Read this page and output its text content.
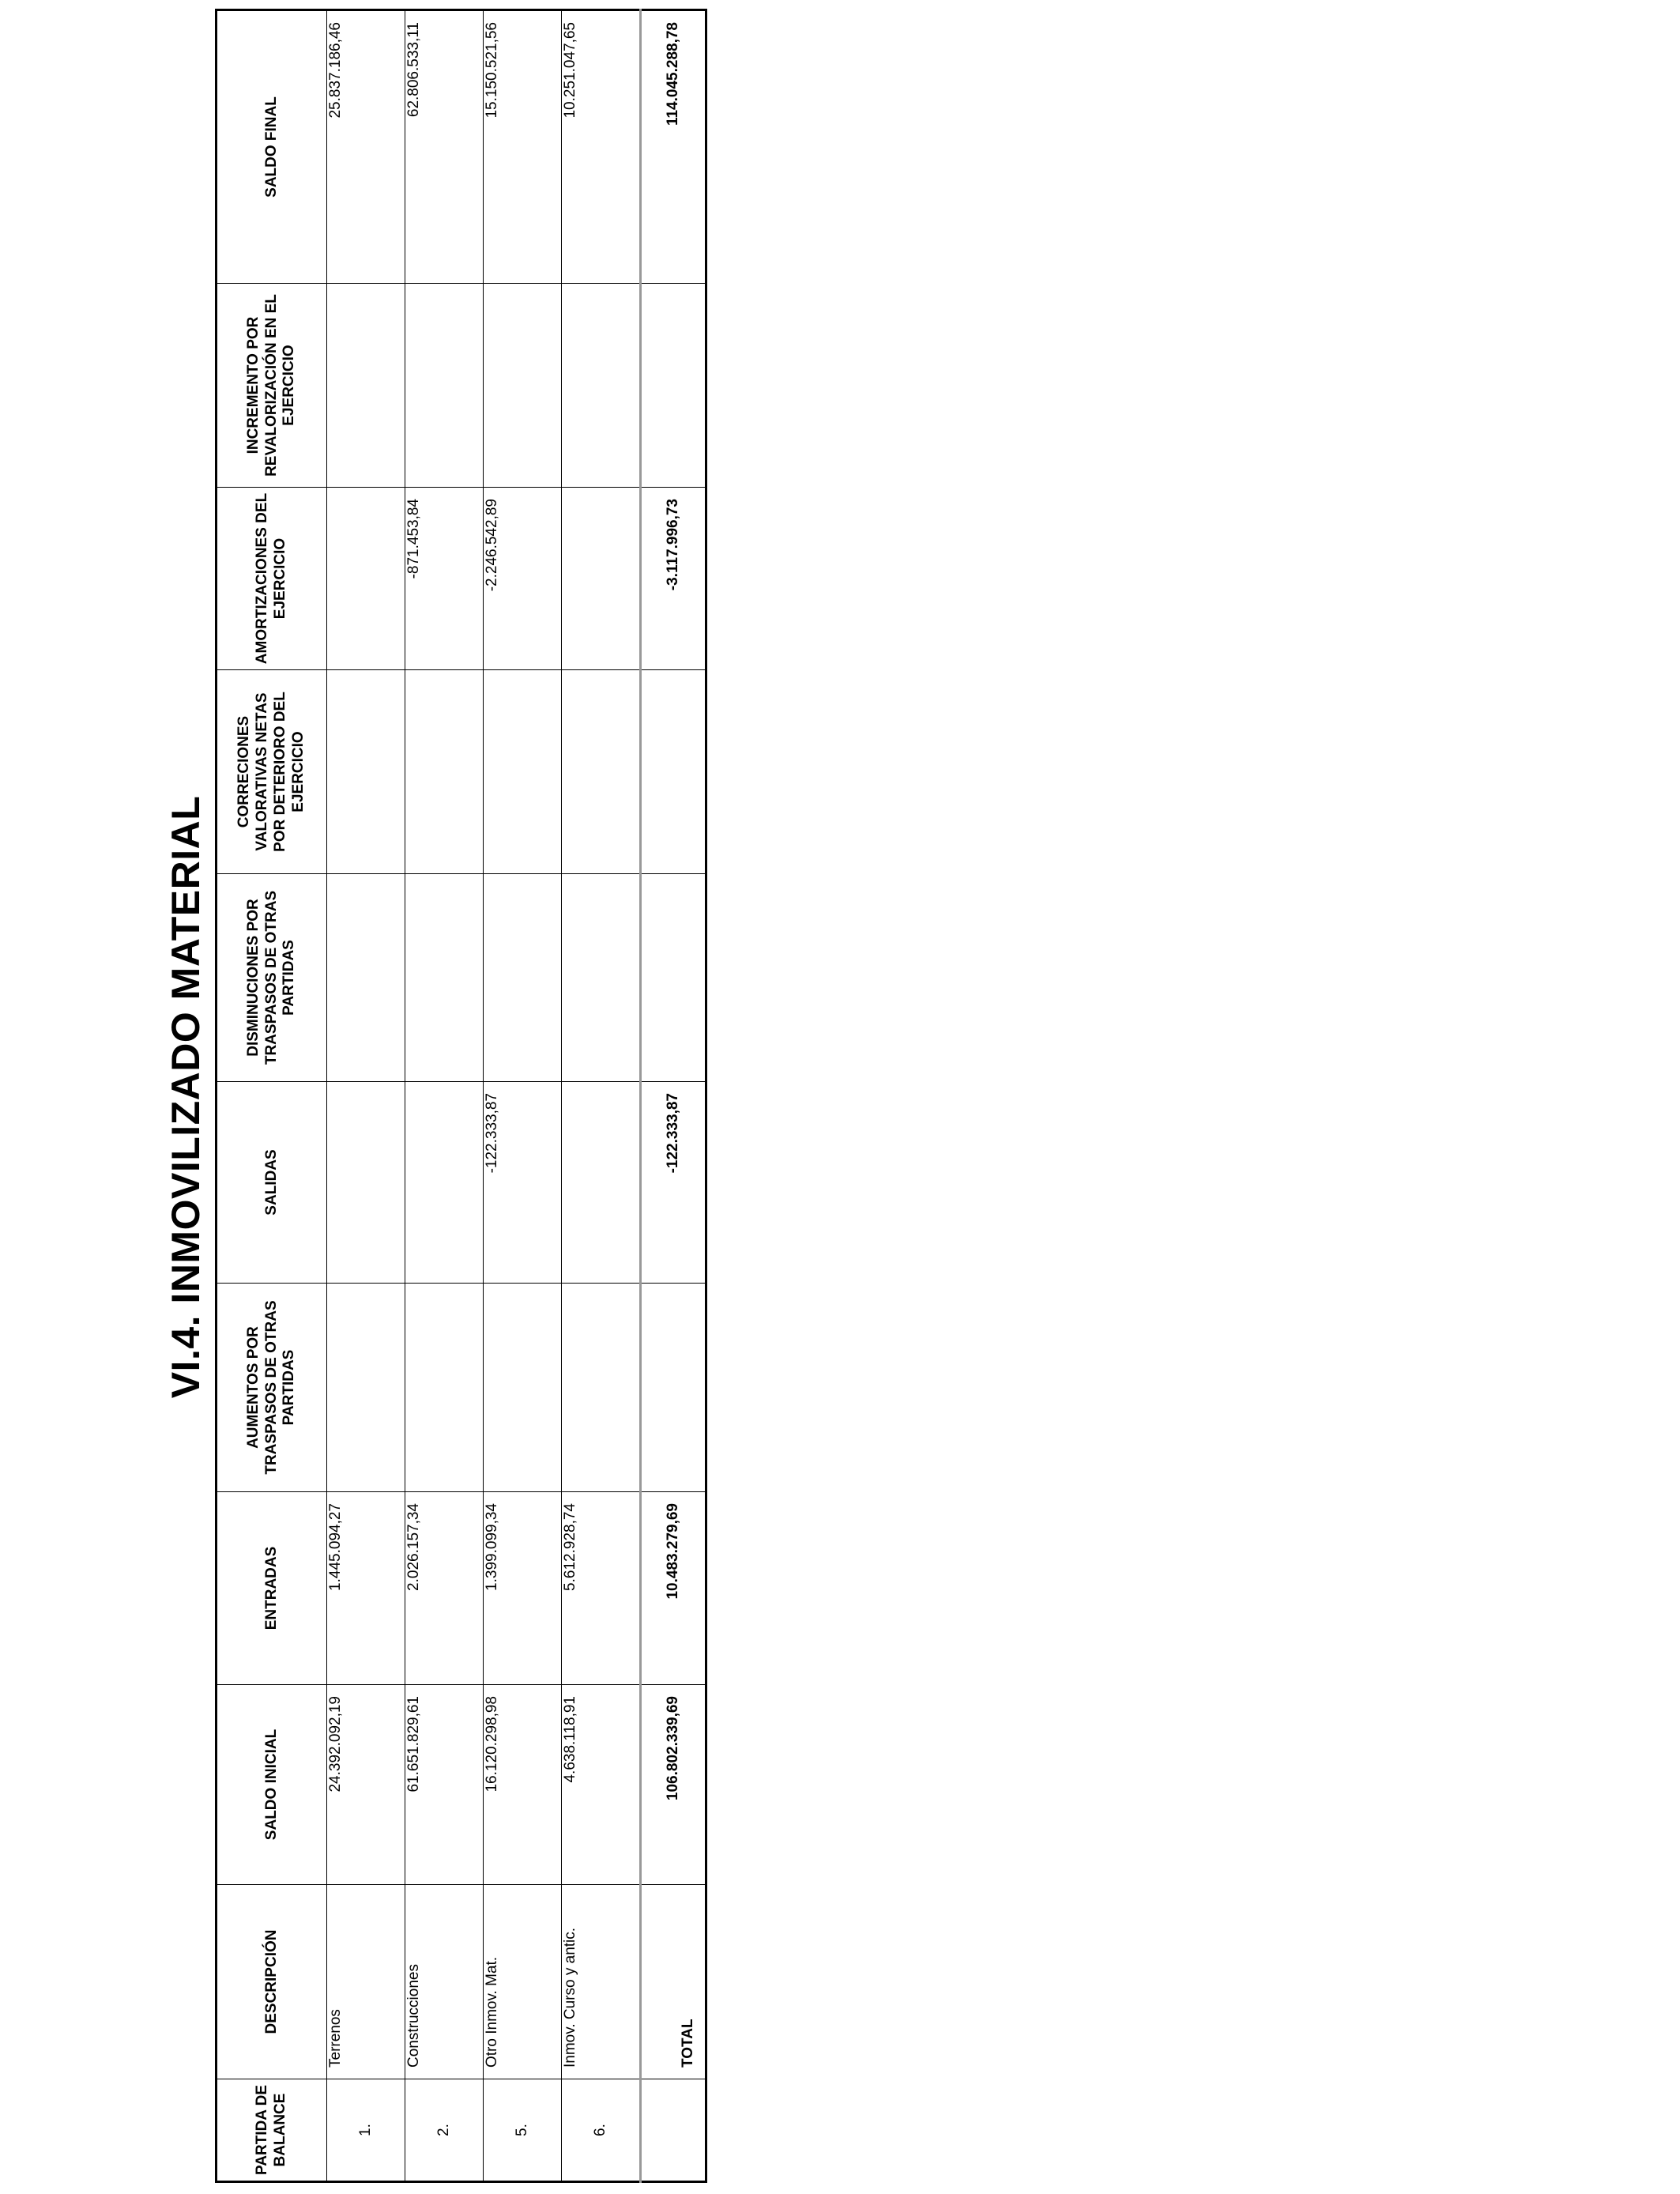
VI.4. INMOVILIZADO MATERIAL
PARTIDA DE BALANCE	DESCRIPCIÓN	SALDO INICIAL	ENTRADAS	AUMENTOS POR TRASPASOS DE OTRAS PARTIDAS	SALIDAS	DISMINUCIONES POR TRASPASOS DE OTRAS PARTIDAS	CORRECIONES VALORATIVAS NETAS POR DETERIORO DEL EJERCICIO	AMORTIZACIONES DEL EJERCICIO	INCREMENTO POR REVALORIZACIÓN EN EL EJERCICIO	SALDO FINAL
1.	Terrenos	24.392.092,19	1.445.094,27							25.837.186,46
2.	Construcciones	61.651.829,61	2.026.157,34					-871.453,84		62.806.533,11
5.	Otro Inmov. Mat.	16.120.298,98	1.399.099,34		-122.333,87			-2.246.542,89		15.150.521,56
6.	Inmov. Curso y antic.	4.638.118,91	5.612.928,74							10.251.047,65
	TOTAL	106.802.339,69	10.483.279,69		-122.333,87			-3.117.996,73		114.045.288,78
